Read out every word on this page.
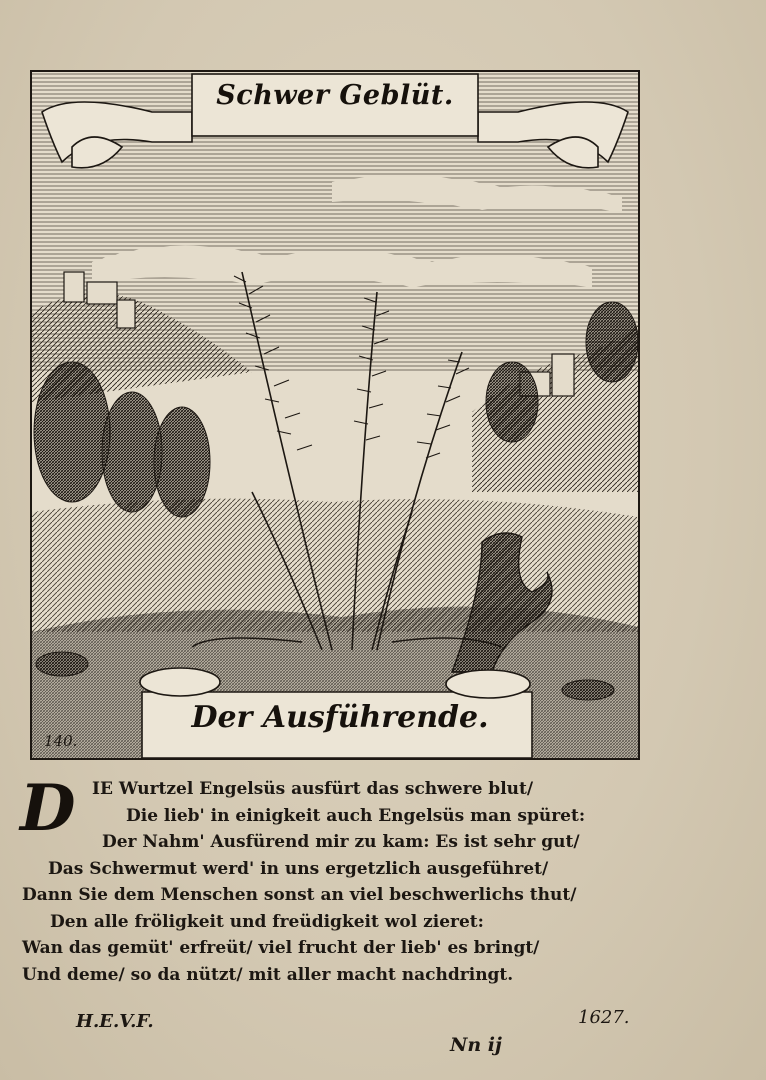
Schwer Geblüt.
Der Ausführende.
140.
D IE Wurtzel Engelsüs ausfürt das schwere blut/
Die lieb' in einigkeit auch Engelsüs man spüret:
Der Nahm' Ausfürend mir zu kam: Es ist sehr gut/
Das Schwermut werd' in uns ergetzlich ausgeführet/
Dann Sie dem Menschen sonst an viel beschwerlichs thut/
Den alle fröligkeit und freüdigkeit wol zieret:
Wan das gemüt' erfreüt/ viel frucht der lieb' es bringt/
Und deme/ so da nützt/ mit aller macht nachdringt.
H.E.V.F.	1627.
Nn ij
